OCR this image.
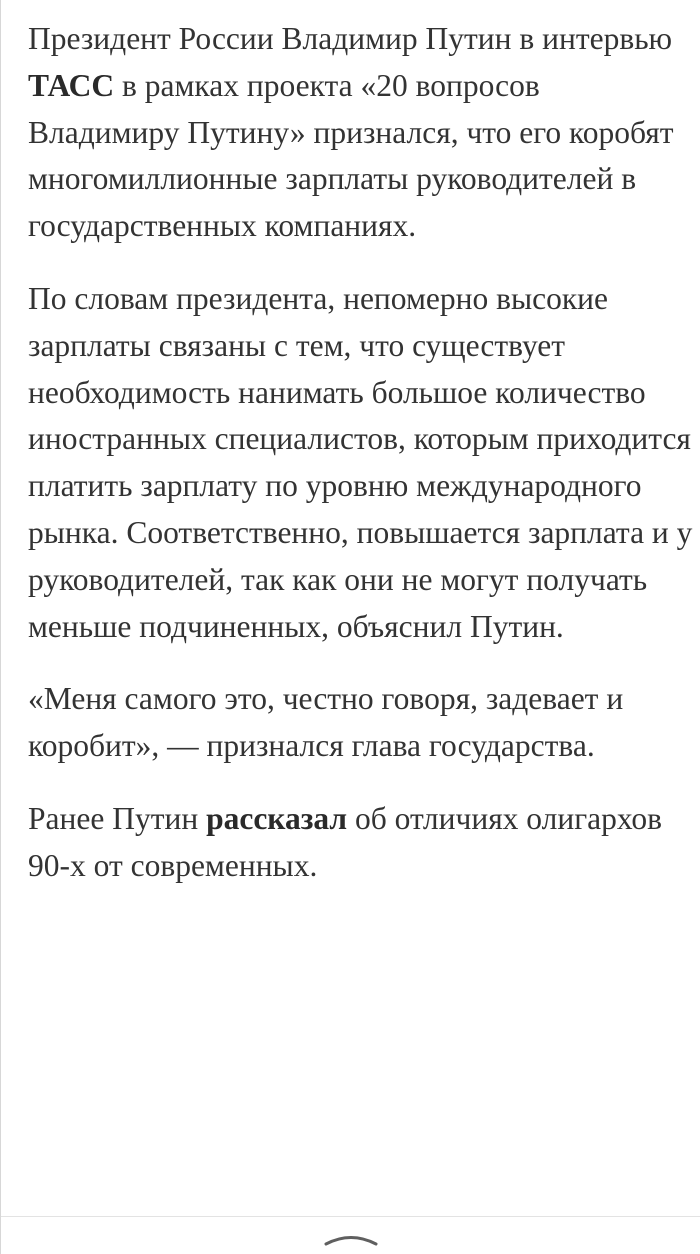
Президент России Владимир Путин в интервью ТАСС в рамках проекта «20 вопросов Владимиру Путину» признался, что его коробят многомиллионные зарплаты руководителей в государственных компаниях.

По словам президента, непомерно высокие зарплаты связаны с тем, что существует необходимость нанимать большое количество иностранных специалистов, которым приходится платить зарплату по уровню международного рынка. Соответственно, повышается зарплата и у руководителей, так как они не могут получать меньше подчиненных, объяснил Путин.

«Меня самого это, честно говоря, задевает и коробит», — признался глава государства.

Ранее Путин рассказал об отличиях олигархов 90-х от современных.
